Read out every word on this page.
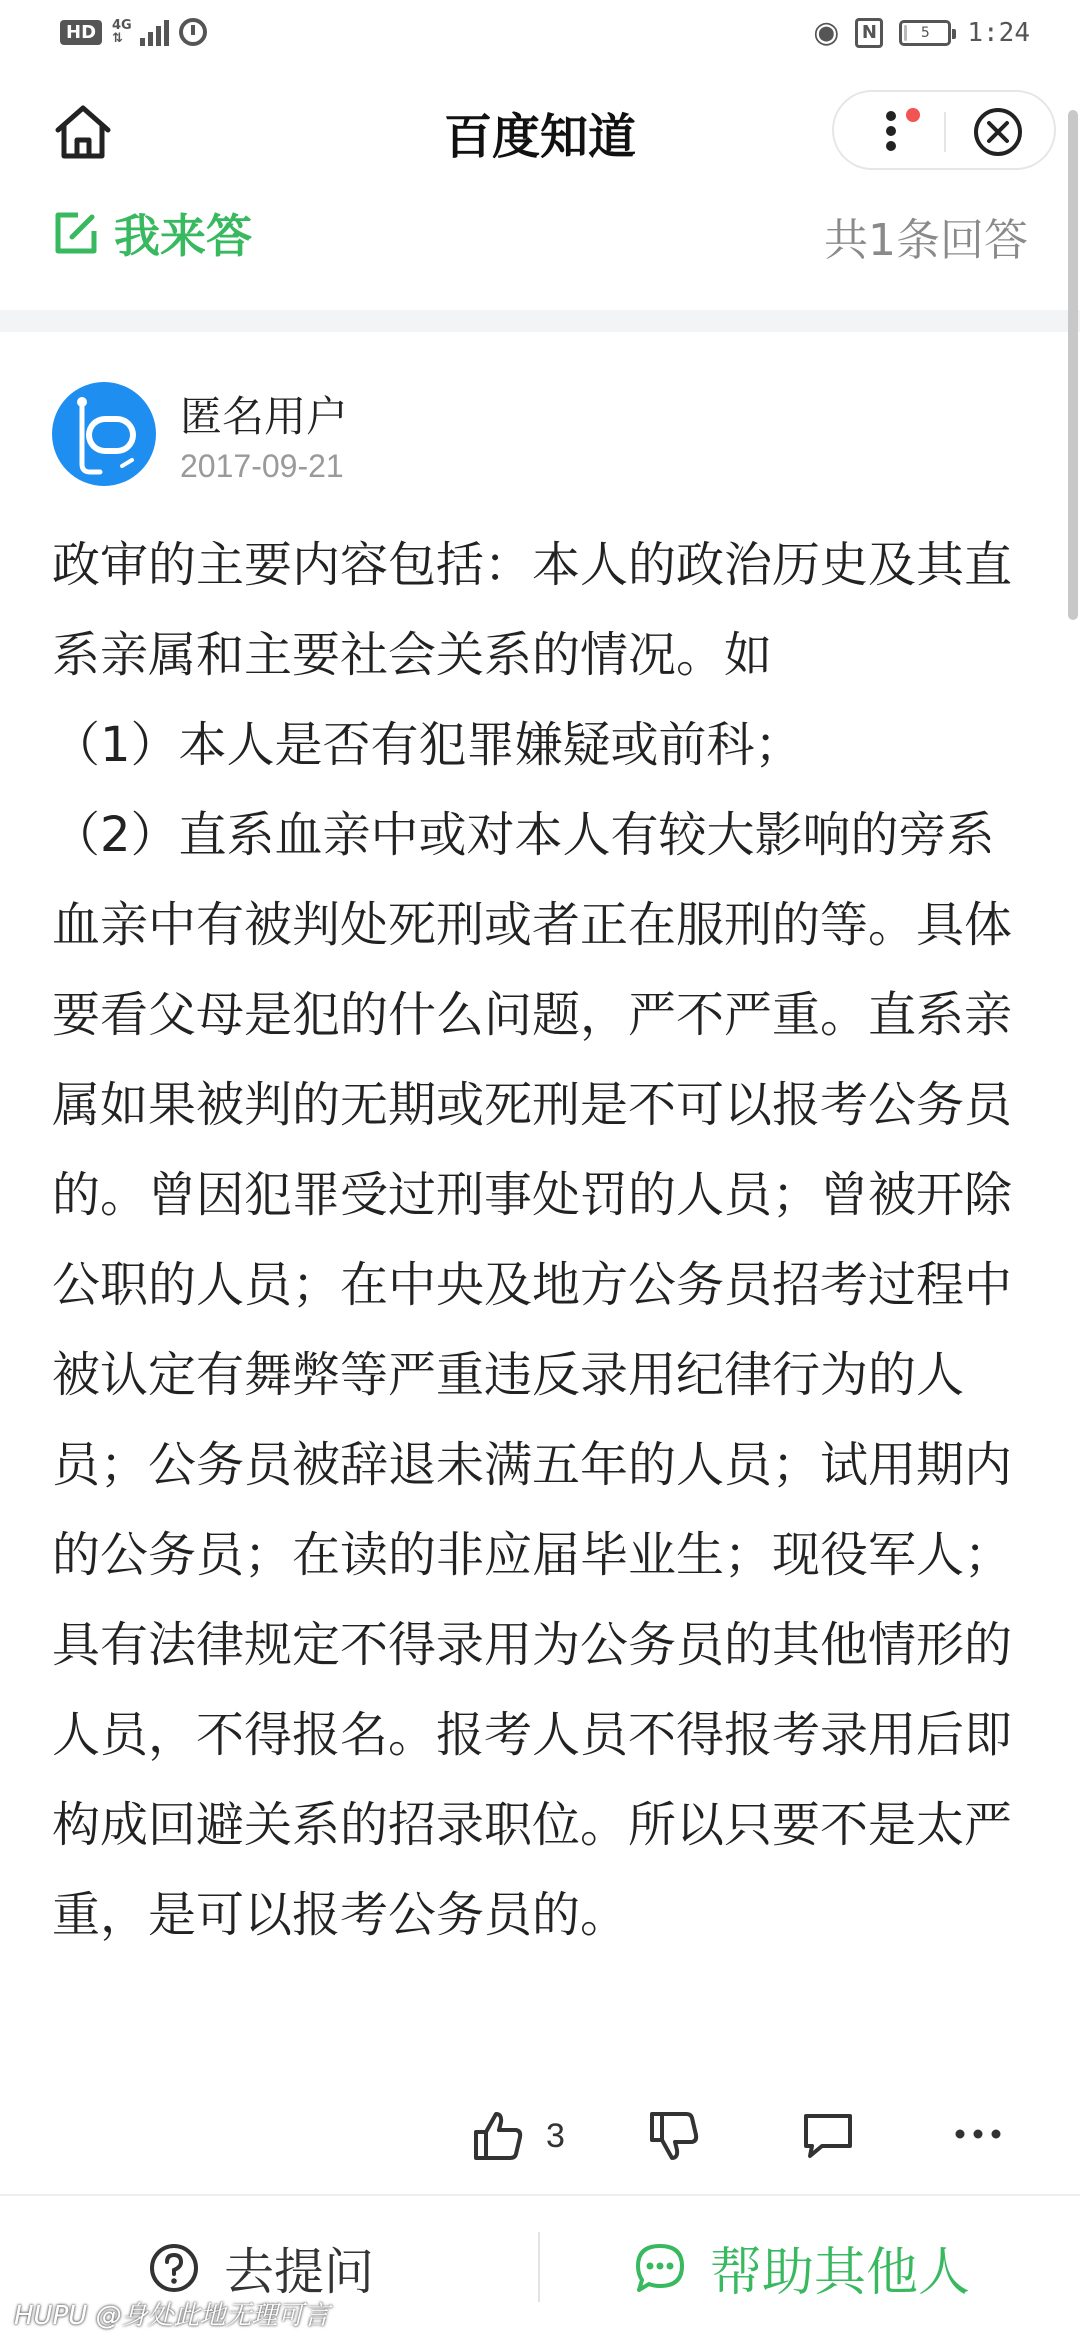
HD	4G
⇅	◉	N	5 1:24
百度知道
我来答	共1条回答
匿名用户
2017-09-21

政审的主要内容包括：本人的政治历史及其直系亲属和主要社会关系的情况。如

（1）本人是否有犯罪嫌疑或前科；

（2）直系血亲中或对本人有较大影响的旁系血亲中有被判处死刑或者正在服刑的等。具体要看父母是犯的什么问题，严不严重。直系亲属如果被判的无期或死刑是不可以报考公务员的。曾因犯罪受过刑事处罚的人员；曾被开除公职的人员；在中央及地方公务员招考过程中被认定有舞弊等严重违反录用纪律行为的人员；公务员被辞退未满五年的人员；试用期内的公务员；在读的非应届毕业生；现役军人；具有法律规定不得录用为公务员的其他情形的人员，不得报名。报考人员不得报考录用后即构成回避关系的招录职位。所以只要不是太严重，是可以报考公务员的。

3
去提问	帮助其他人
HUPU @身处此地无理可言
